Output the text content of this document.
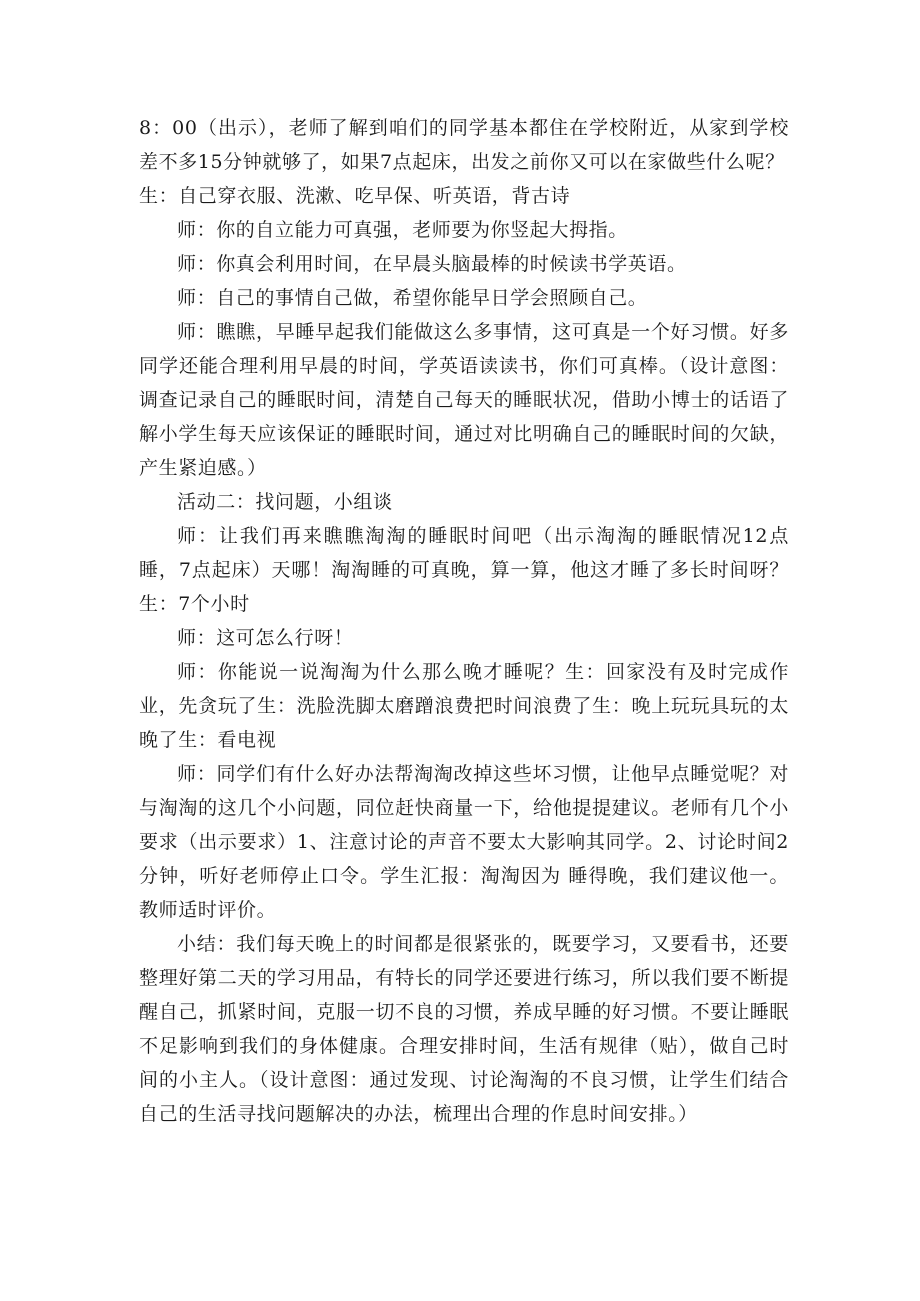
8：00（出示），老师了解到咱们的同学基本都住在学校附近，从家到学校差不多15分钟就够了，如果7点起床，出发之前你又可以在家做些什么呢？

生：自己穿衣服、洗漱、吃早保、听英语，背古诗

师：你的自立能力可真强，老师要为你竖起大拇指。

师：你真会利用时间，在早晨头脑最棒的时候读书学英语。

师：自己的事情自己做，希望你能早日学会照顾自己。

师：瞧瞧，早睡早起我们能做这么多事情，这可真是一个好习惯。好多同学还能合理利用早晨的时间，学英语读读书，你们可真棒。（设计意图：调查记录自己的睡眠时间，清楚自己每天的睡眠状况，借助小博士的话语了解小学生每天应该保证的睡眠时间，通过对比明确自己的睡眠时间的欠缺，产生紧迫感。）

活动二：找问题，小组谈

师：让我们再来瞧瞧淘淘的睡眠时间吧（出示淘淘的睡眠情况12点睡，7点起床）天哪！淘淘睡的可真晚，算一算，他这才睡了多长时间呀？生：7个小时

师：这可怎么行呀！

师：你能说一说淘淘为什么那么晚才睡呢？生：回家没有及时完成作业，先贪玩了生：洗脸洗脚太磨蹭浪费把时间浪费了生：晚上玩玩具玩的太晚了生：看电视

师：同学们有什么好办法帮淘淘改掉这些坏习惯，让他早点睡觉呢？对与淘淘的这几个小问题，同位赶快商量一下，给他提提建议。老师有几个小要求（出示要求）1、注意讨论的声音不要太大影响其同学。2、讨论时间2分钟，听好老师停止口令。学生汇报：淘淘因为 睡得晚，我们建议他一。教师适时评价。

小结：我们每天晚上的时间都是很紧张的，既要学习，又要看书，还要整理好第二天的学习用品，有特长的同学还要进行练习，所以我们要不断提醒自己，抓紧时间，克服一切不良的习惯，养成早睡的好习惯。不要让睡眠不足影响到我们的身体健康。合理安排时间，生活有规律（贴），做自己时间的小主人。（设计意图：通过发现、讨论淘淘的不良习惯，让学生们结合自己的生活寻找问题解决的办法，梳理出合理的作息时间安排。）
